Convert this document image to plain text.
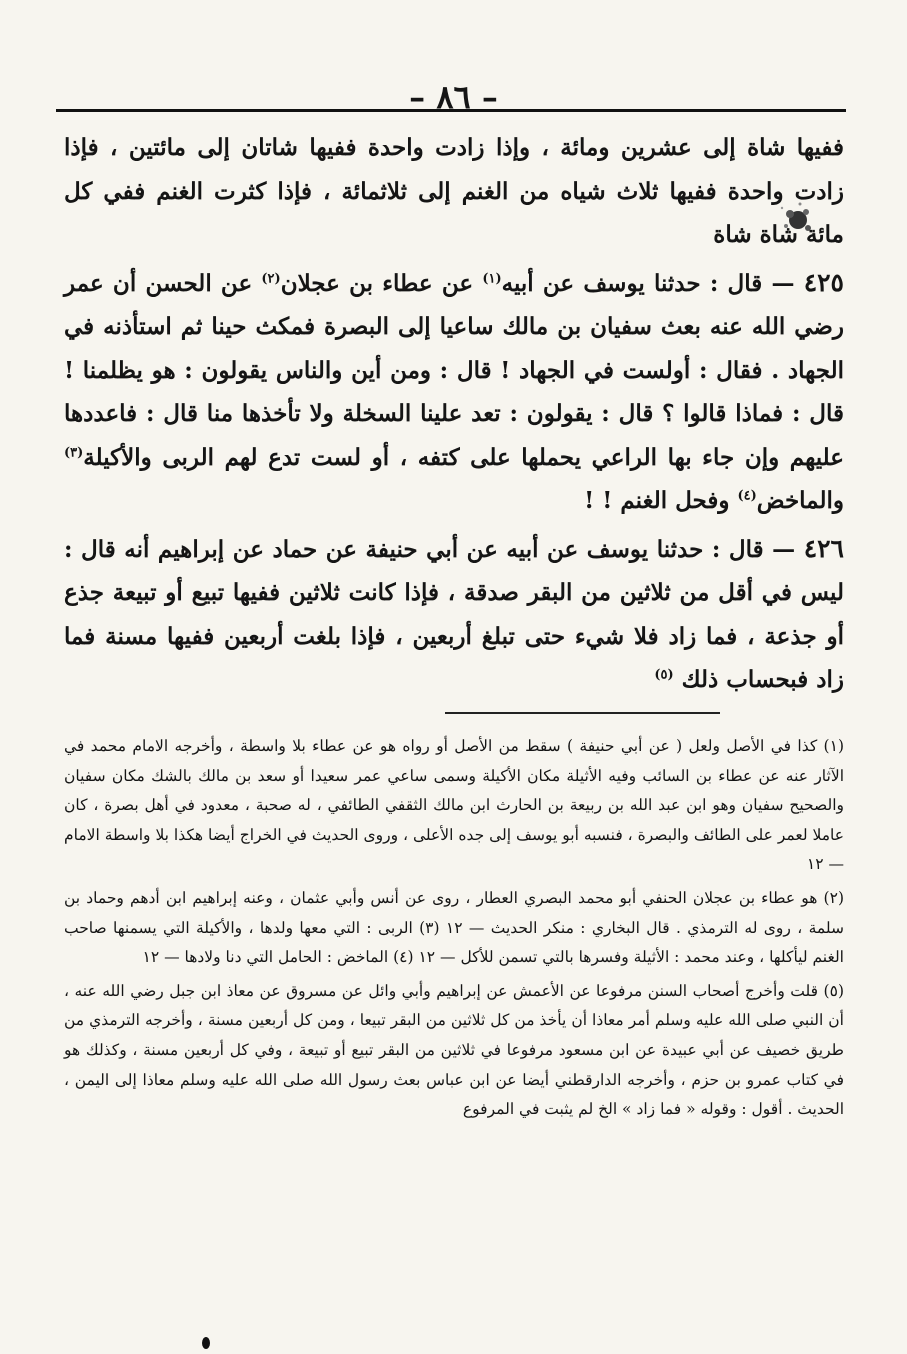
– ٨٦ –

ففيها شاة إلى عشرين ومائة ، وإذا زادت واحدة ففيها شاتان إلى مائتين ، فإذا زادت واحدة ففيها ثلاث شياه من الغنم إلى ثلاثمائة ، فإذا كثرت الغنم ففي كل مائة شاة شاة

٤٢٥ — قال : حدثنا يوسف عن أبيه$^{(١)}$ عن عطاء بن عجلان$^{(٢)}$ عن الحسن أن عمر رضي الله عنه بعث سفيان بن مالك ساعيا إلى البصرة فمكث حينا ثم استأذنه في الجهاد . فقال : أولست في الجهاد ! قال : ومن أين والناس يقولون : هو يظلمنا ! قال : فماذا قالوا ؟ قال : يقولون : تعد علينا السخلة ولا تأخذها منا قال : فاعددها عليهم وإن جاء بها الراعي يحملها على كتفه ، أو لست تدع لهم الربى والأكيلة$^{(٣)}$ والماخض$^{(٤)}$ وفحل الغنم ! !

٤٢٦ — قال : حدثنا يوسف عن أبيه عن أبي حنيفة عن حماد عن إبراهيم أنه قال : ليس في أقل من ثلاثين من البقر صدقة ، فإذا كانت ثلاثين ففيها تبيع أو تبيعة جذع أو جذعة ، فما زاد فلا شيء حتى تبلغ أربعين ، فإذا بلغت أربعين ففيها مسنة فما زاد فبحساب ذلك $^{(٥)}$

(١) كذا في الأصل ولعل ( عن أبي حنيفة ) سقط من الأصل أو رواه هو عن عطاء بلا واسطة ، وأخرجه الامام محمد في الآثار عنه عن عطاء بن السائب وفيه الأثيلة مكان الأكيلة وسمى ساعي عمر سعيدا أو سعد بن مالك بالشك مكان سفيان والصحيح سفيان وهو ابن عبد الله بن ربيعة بن الحارث ابن مالك الثقفي الطائفي ، له صحبة ، معدود في أهل بصرة ، كان عاملا لعمر على الطائف والبصرة ، فنسبه أبو يوسف إلى جده الأعلى ، وروى الحديث في الخراج أيضا هكذا بلا واسطة الامام — ١٢

(٢) هو عطاء بن عجلان الحنفي أبو محمد البصري العطار ، روى عن أنس وأبي عثمان ، وعنه إبراهيم ابن أدهم وحماد بن سلمة ، روى له الترمذي . قال البخاري : منكر الحديث — ١٢ (٣) الربى : التي معها ولدها ، والأكيلة التي يسمنها صاحب الغنم ليأكلها ، وعند محمد : الأثيلة وفسرها بالتي تسمن للأكل — ١٢ (٤) الماخض : الحامل التي دنا ولادها — ١٢

(٥) قلت وأخرج أصحاب السنن مرفوعا عن الأعمش عن إبراهيم وأبي وائل عن مسروق عن معاذ ابن جبل رضي الله عنه ، أن النبي صلى الله عليه وسلم أمر معاذا أن يأخذ من كل ثلاثين من البقر تبيعا ، ومن كل أربعين مسنة ، وأخرجه الترمذي من طريق خصيف عن أبي عبيدة عن ابن مسعود مرفوعا في ثلاثين من البقر تبيع أو تبيعة ، وفي كل أربعين مسنة ، وكذلك هو في كتاب عمرو بن حزم ، وأخرجه الدارقطني أيضا عن ابن عباس بعث رسول الله صلى الله عليه وسلم معاذا إلى اليمن ، الحديث . أقول : وقوله « فما زاد » الخ لم يثبت في المرفوع
